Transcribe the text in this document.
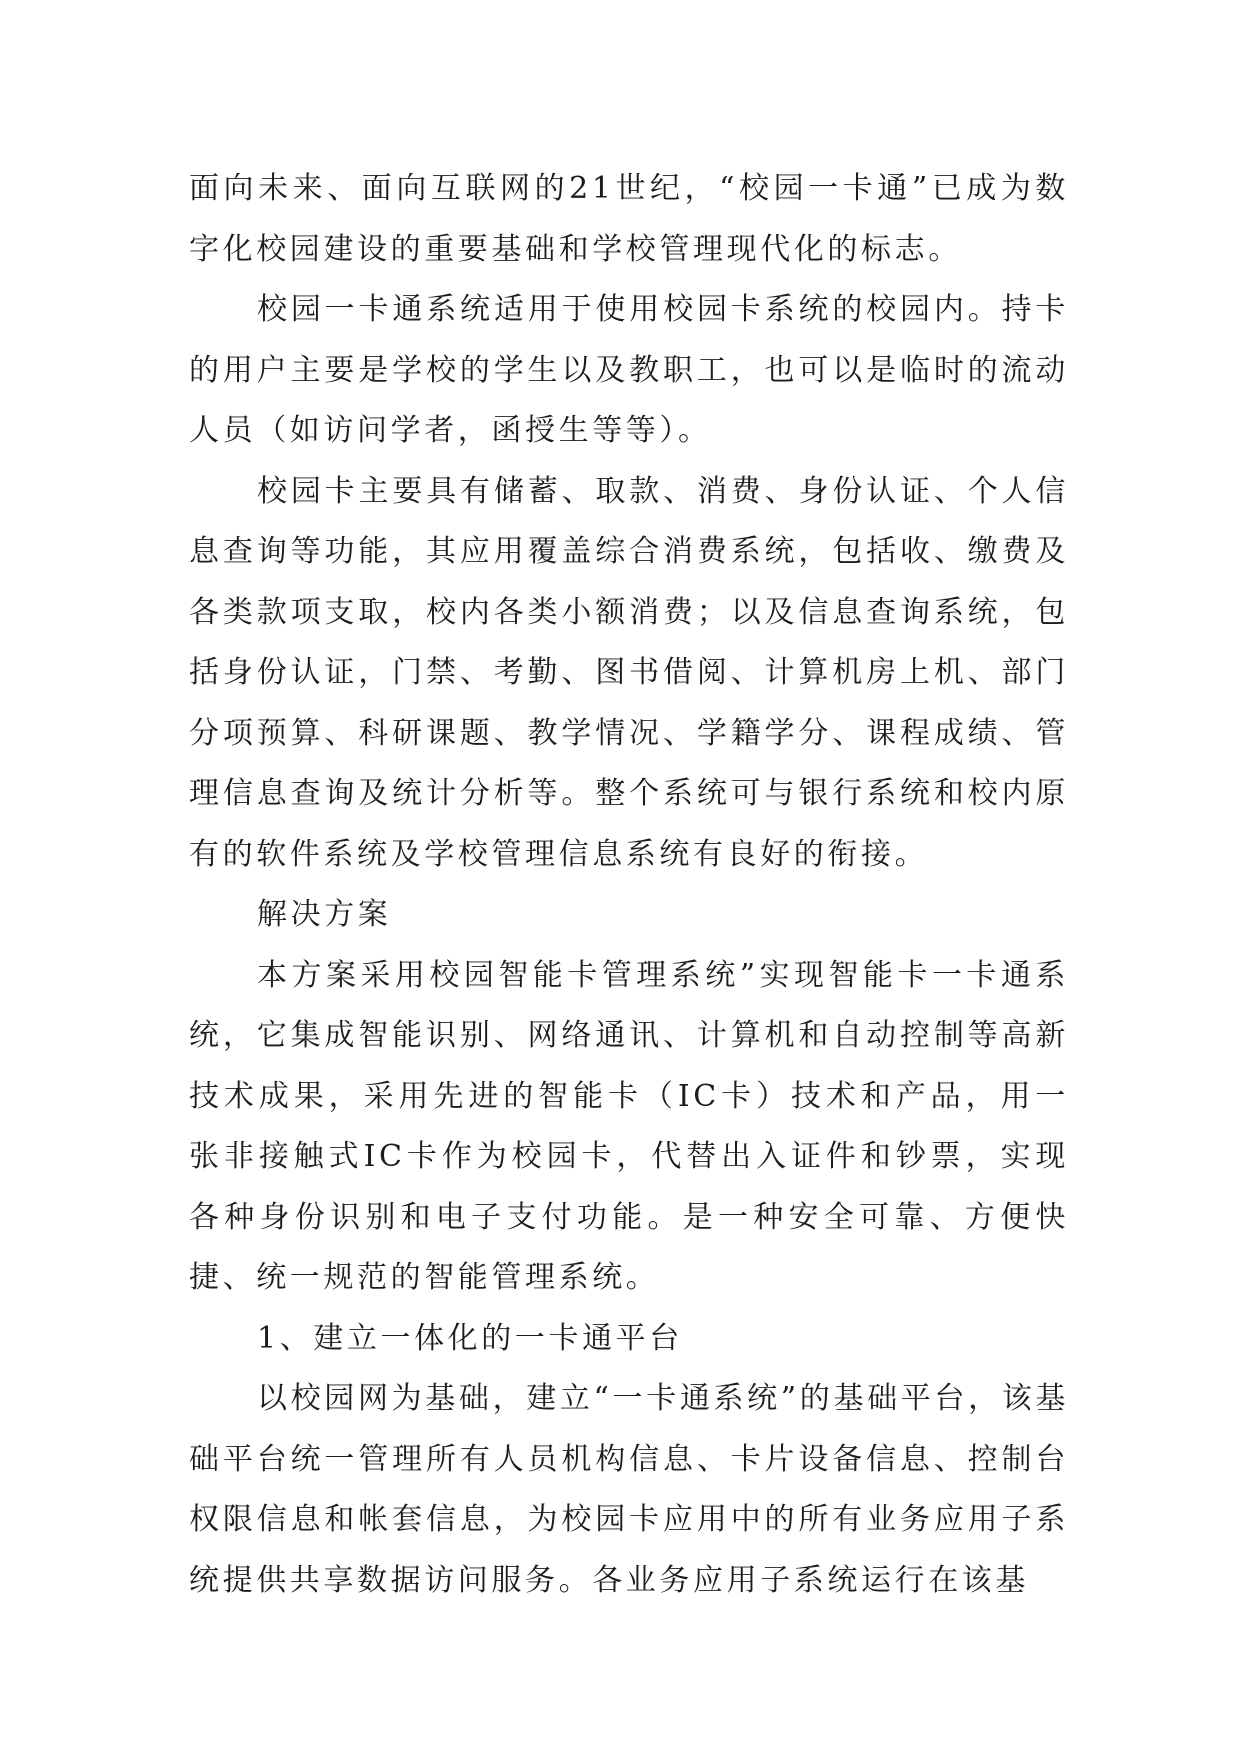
面向未来、面向互联网的21世纪，“校园一卡通”已成为数字化校园建设的重要基础和学校管理现代化的标志。

校园一卡通系统适用于使用校园卡系统的校园内。持卡的用户主要是学校的学生以及教职工，也可以是临时的流动人员（如访问学者，函授生等等）。

校园卡主要具有储蓄、取款、消费、身份认证、个人信息查询等功能，其应用覆盖综合消费系统，包括收、缴费及各类款项支取，校内各类小额消费；以及信息查询系统，包括身份认证，门禁、考勤、图书借阅、计算机房上机、部门分项预算、科研课题、教学情况、学籍学分、课程成绩、管理信息查询及统计分析等。整个系统可与银行系统和校内原有的软件系统及学校管理信息系统有良好的衔接。

解决方案

本方案采用校园智能卡管理系统”实现智能卡一卡通系统，它集成智能识别、网络通讯、计算机和自动控制等高新技术成果，采用先进的智能卡（IC卡）技术和产品，用一张非接触式IC卡作为校园卡，代替出入证件和钞票，实现各种身份识别和电子支付功能。是一种安全可靠、方便快捷、统一规范的智能管理系统。

1、建立一体化的一卡通平台

以校园网为基础，建立“一卡通系统”的基础平台，该基础平台统一管理所有人员机构信息、卡片设备信息、控制台权限信息和帐套信息，为校园卡应用中的所有业务应用子系统提供共享数据访问服务。各业务应用子系统运行在该基
